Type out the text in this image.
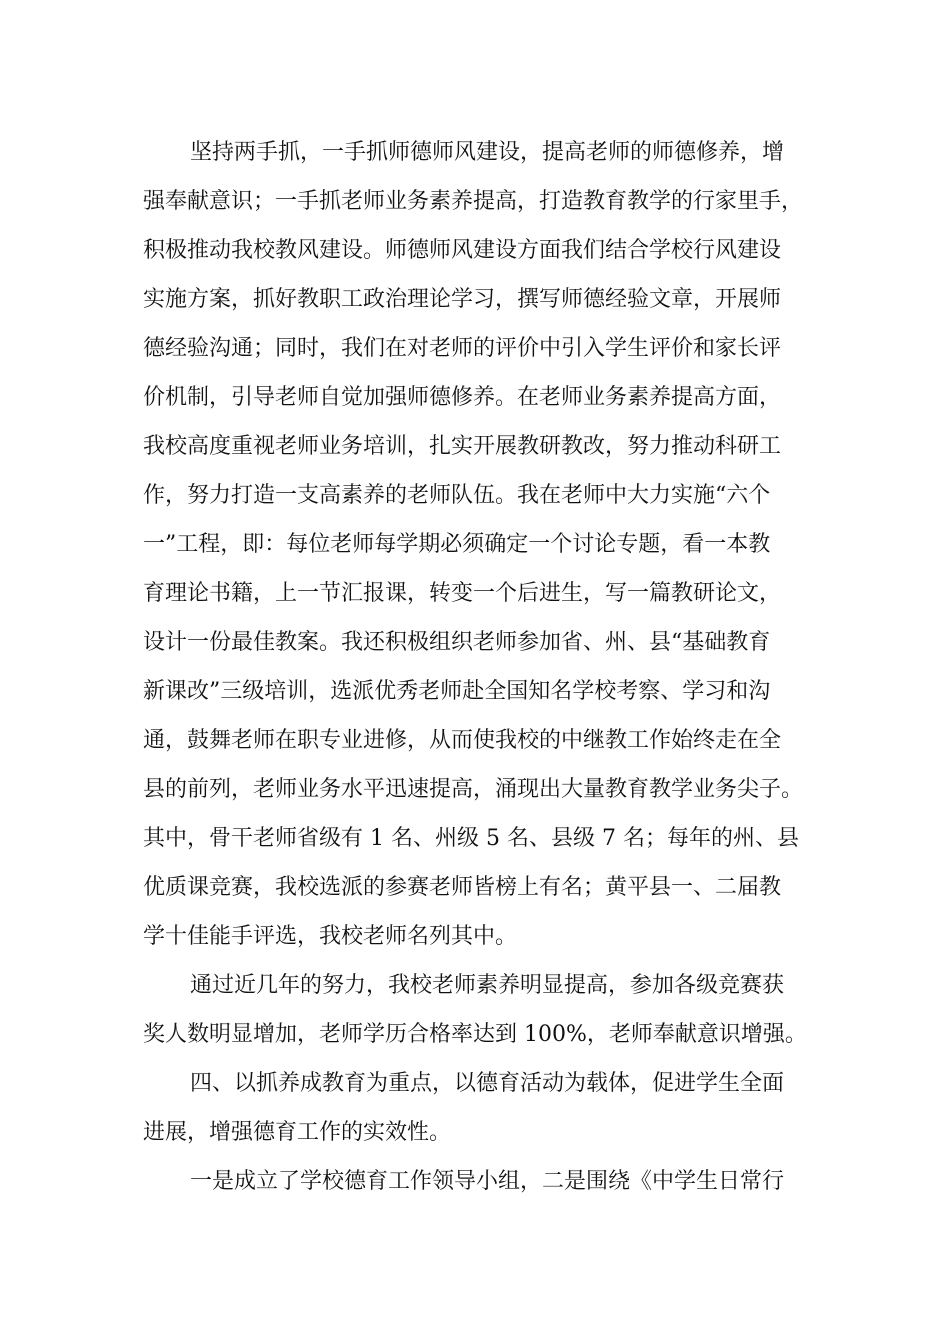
坚持两手抓，一手抓师德师风建设，提高老师的师德修养，增
强奉献意识；一手抓老师业务素养提高，打造教育教学的行家里手，
积极推动我校教风建设。师德师风建设方面我们结合学校行风建设
实施方案，抓好教职工政治理论学习，撰写师德经验文章，开展师
德经验沟通；同时，我们在对老师的评价中引入学生评价和家长评
价机制，引导老师自觉加强师德修养。在老师业务素养提高方面，
我校高度重视老师业务培训，扎实开展教研教改，努力推动科研工
作，努力打造一支高素养的老师队伍。我在老师中大力实施“六个
一”工程，即：每位老师每学期必须确定一个讨论专题，看一本教
育理论书籍，上一节汇报课，转变一个后进生，写一篇教研论文，
设计一份最佳教案。我还积极组织老师参加省、州、县“基础教育
新课改”三级培训，选派优秀老师赴全国知名学校考察、学习和沟
通，鼓舞老师在职专业进修，从而使我校的中继教工作始终走在全
县的前列，老师业务水平迅速提高，涌现出大量教育教学业务尖子。
其中，骨干老师省级有 1 名、州级 5 名、县级 7 名；每年的州、县
优质课竞赛，我校选派的参赛老师皆榜上有名；黄平县一、二届教
学十佳能手评选，我校老师名列其中。
通过近几年的努力，我校老师素养明显提高，参加各级竞赛获
奖人数明显增加，老师学历合格率达到 100%，老师奉献意识增强。
四、以抓养成教育为重点，以德育活动为载体，促进学生全面
进展，增强德育工作的实效性。
一是成立了学校德育工作领导小组，二是围绕《中学生日常行
